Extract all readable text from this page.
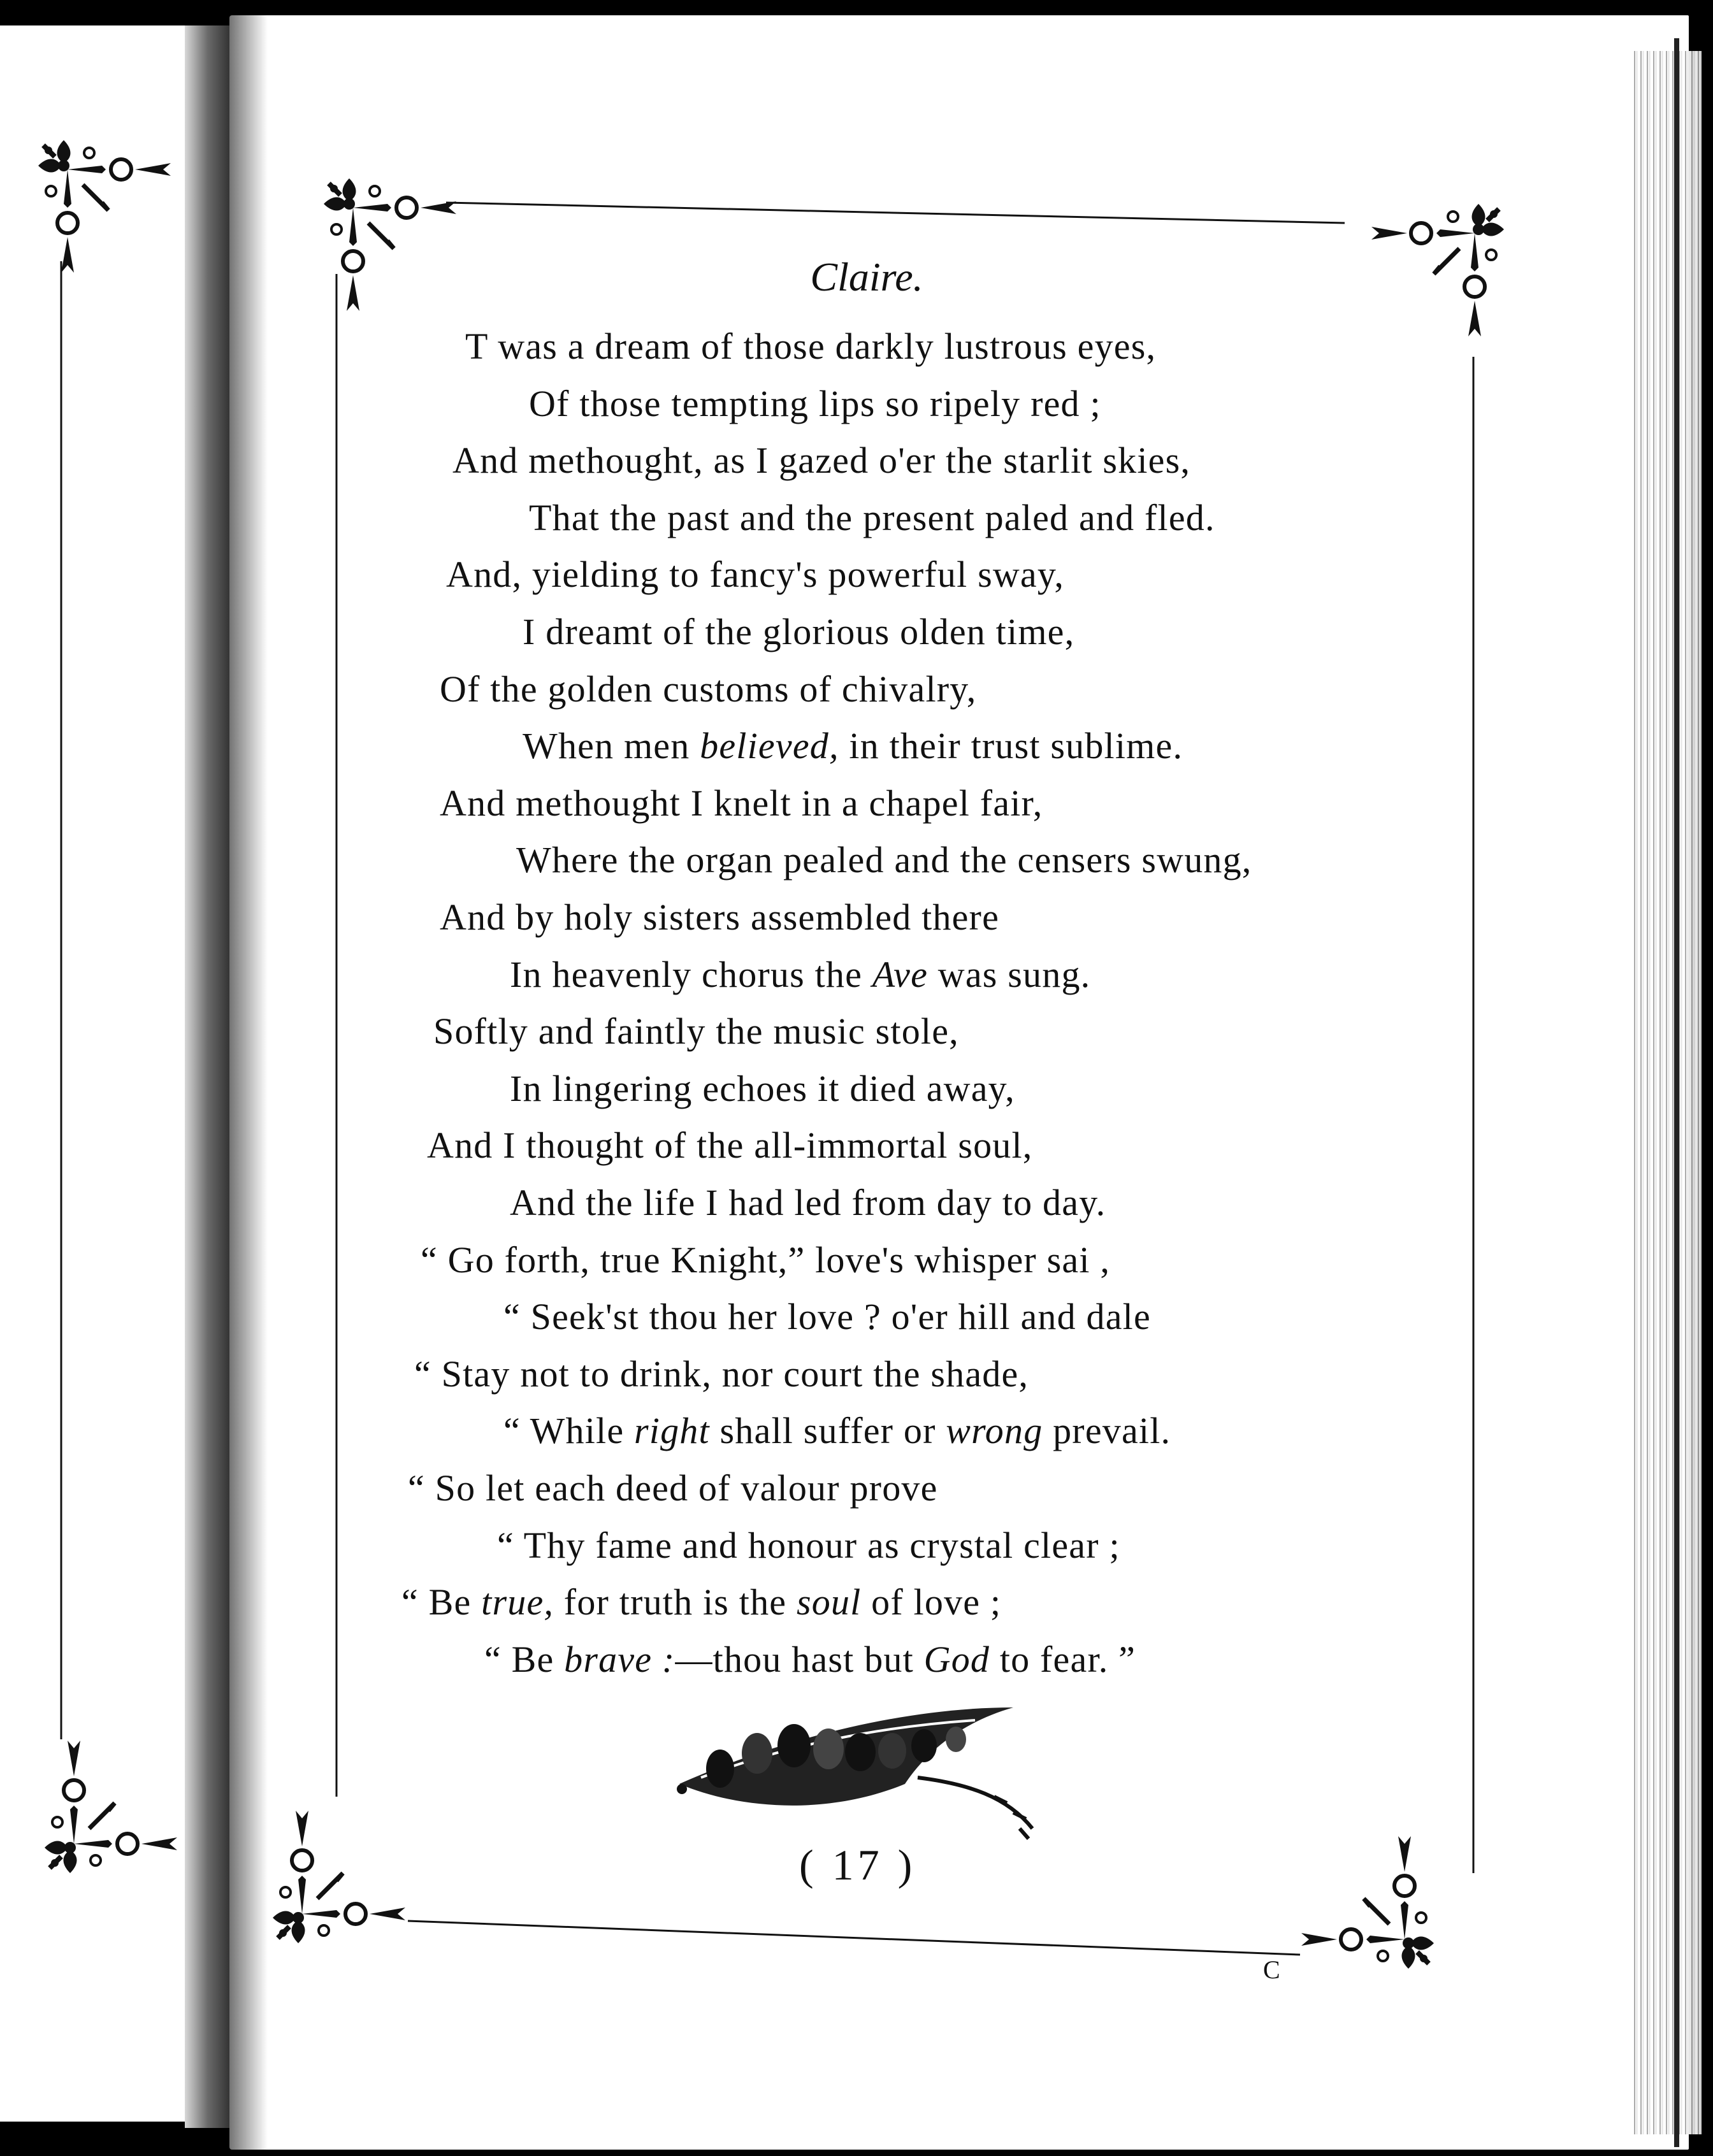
Claire.
T was a dream of those darkly lustrous eyes,
Of those tempting lips so ripely red ;
And methought, as I gazed o'er the starlit skies,
That the past and the present paled and fled.
And, yielding to fancy's powerful sway,
I dreamt of the glorious olden time,
Of the golden customs of chivalry,
When men believed, in their trust sublime.
And methought I knelt in a chapel fair,
Where the organ pealed and the censers swung,
And by holy sisters assembled there
In heavenly chorus the Ave was sung.
Softly and faintly the music stole,
In lingering echoes it died away,
And I thought of the all-immortal soul,
And the life I had led from day to day.
“ Go forth, true Knight,” love's whisper sai ,
“ Seek'st thou her love ? o'er hill and dale
“ Stay not to drink, nor court the shade,
“ While right shall suffer or wrong prevail.
“ So let each deed of valour prove
“ Thy fame and honour as crystal clear ;
“ Be true, for truth is the soul of love ;
“ Be brave :—thou hast but God to fear. ”
( 17 )
C
